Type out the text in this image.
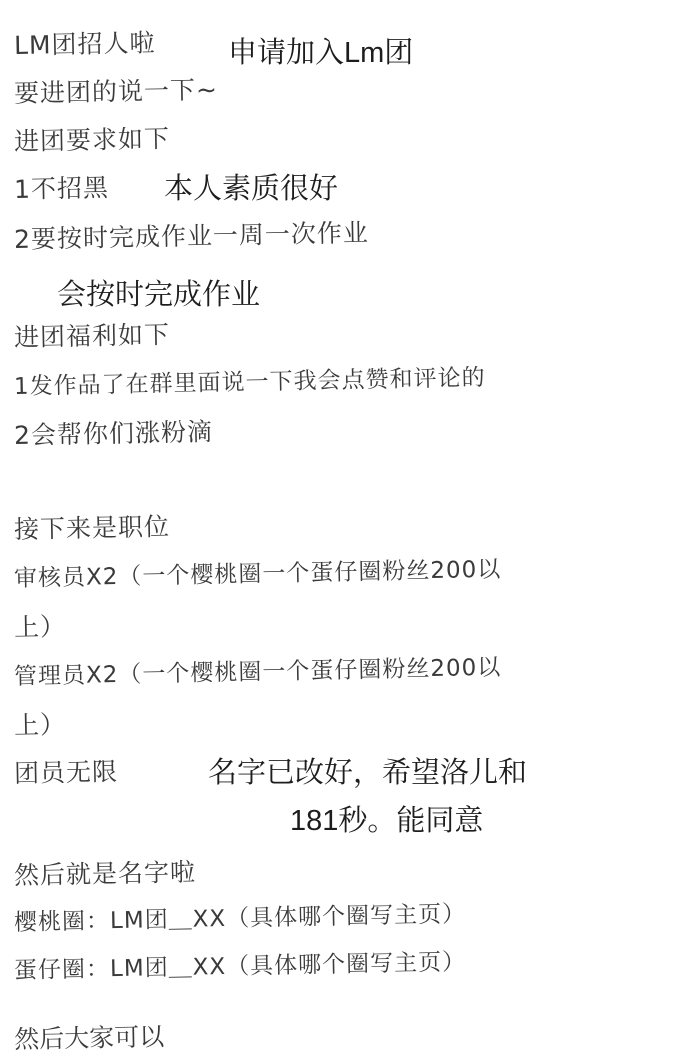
LM团招人啦
要进团的说一下~
进团要求如下
1不招黑
2要按时完成作业一周一次作业
进团福利如下
1发作品了在群里面说一下我会点赞和评论的
2会帮你们涨粉滴
接下来是职位
审核员X2（一个樱桃圈一个蛋仔圈粉丝200以
上）
管理员X2（一个樱桃圈一个蛋仔圈粉丝200以
上）
团员无限
然后就是名字啦
樱桃圈：LM团＿XX（具体哪个圈写主页）
蛋仔圈：LM团＿XX（具体哪个圈写主页）
申请加入Lm团
本人素质很好
会按时完成作业
名字已改好，希望洛儿和
181秒。能同意
然后大家可以
